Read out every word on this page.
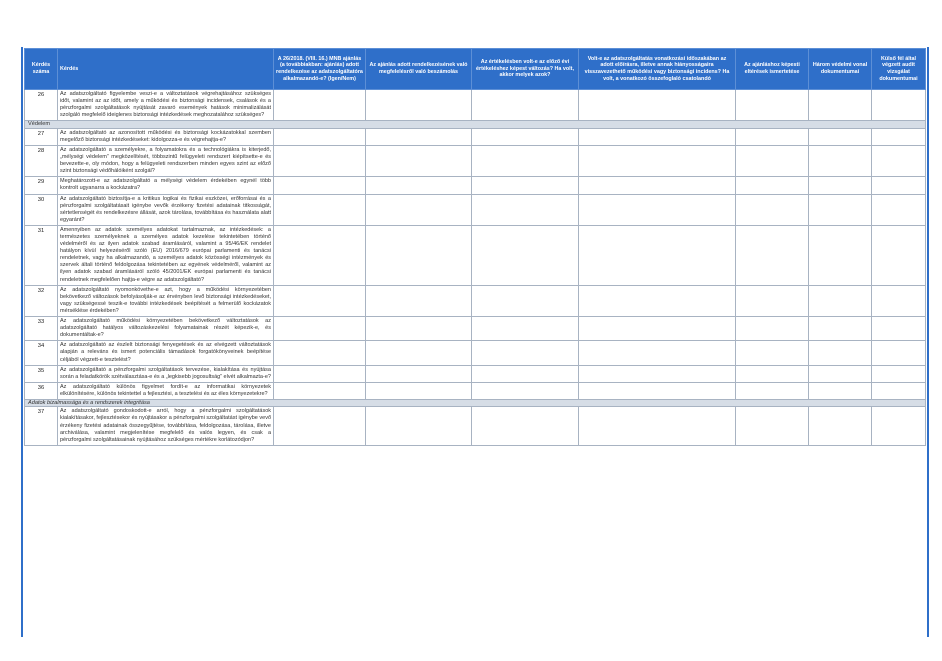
Kérdés száma	Kérdés	A 26/2018. (VIII. 16.) MNB ajánlás (a továbbiakban: ajánlás) adott rendelkezése az adatszolgáltatóra alkalmazandó-e? (Igen/Nem)	Az ajánlás adott rendelkezésének való megfelelésről való beszámolás	Az értékelésben volt-e az előző évi értékeléshez képest változás? Ha volt, akkor melyek azok?	Volt-e az adatszolgáltatás vonatkozási időszakában az adott előírásra, illetve annak hiányosságaira visszavezethető működési vagy biztonsági incidens? Ha volt, a vonatkozó összefoglaló csatolandó	Az ajánláshoz képesti eltérések ismertetése	Három védelmi vonal dokumentumai	Külső fél által végzett audit vizsgálat dokumentumai
26	Az adatszolgáltató figyelembe veszi-e a változtatások végrehajtásához szükséges időt, valamint az az időt, amely a működési és biztonsági incidensek, csalások és a pénzforgalmi szolgáltatások nyújtását zavaró események hatások minimalizálását szolgáló megfelelő ideiglenes biztonsági intézkedések meghozatalához szükséges?							
Védelem								
27	Az adatszolgáltató az azonosított működési és biztonsági kockázatokkal szemben megelőző biztonsági intézkedéseket: kidolgozza-e és végrehajtja-e?							
28	Az adatszolgáltató a személyekre, a folyamatokra és a technológiákra is kiterjedő, „mélységi védelem” megközelítését, többszintű felügyeleti rendszert kiépítsette-e és bevezette-e, oly módon, hogy a felügyeleti rendszerben minden egyes szint az előző szint biztonsági védőhálóiként szolgál?							
29	Meghatározott-e az adatszolgáltató a mélységi védelem érdekében egynél több kontrolt ugyanarra a kockázatra?							
30	Az adatszolgáltató biztosítja-e a kritikus logikai és fizikai eszközei, erőforrásai és a pénzforgalmi szolgáltatásait igénybe vevők érzékeny fizetési adatainak titkosságát, sértetlenségét és rendelkezésre állását, azok tárolása, továbbítása és használata alatt egyaránt?							
31	Amennyiben az adatok személyes adatokat tartalmaznak, az intézkedések: a természetes személyeknek a személyes adatok kezelése tekintetében történő védelméről és az ilyen adatok szabad áramlásáról, valamint a 95/46/EK rendelet hatályon kívül helyezéséről szóló (EU) 2016/679 európai parlamenti és tanácsi rendeletnek, vagy ha alkalmazandó, a személyes adatok közösségi intézmények és szervek általi történő feldolgozása tekintetében az egyének védelméről, valamint az ilyen adatok szabad áramlásáról szóló 45/2001/EK európai parlamenti és tanácsi rendeletnek megfelelően hajtja-e végre az adatszolgáltató?							
32	Az adatszolgáltató nyomonkövethe-e azt, hogy a működési környezetében bekövetkező változások befolyásolják-e az érvényben levő biztonsági intézkedéseket, vagy szükségessé teszik-e további intézkedések beépítését a felmerülő kockázatok mérséklése érdekében?							
33	Az adatszolgáltató működési környezetében bekövetkező változtatások az adatszolgáltató hatályos változáskezelési folyamatainak részét képezik-e, és dokumentáltak-e?							
34	Az adatszolgáltató az észlelt biztonsági fenyegetések és az elvégzett változtatások alapján a releváns és ismert potenciális támadások forgatókönyveinek beépítése céljából végzett-e tesztelést?							
35	Az adatszolgáltató a pénzforgalmi szolgáltatások tervezése, kialakítása és nyújtása során a feladatkörök szétválasztása-e és a „legkisebb jogosultság” elvét alkalmazta-e?							
36	Az adatszolgáltató különös figyelmet fordít-e az informatikai környezetek elkülönítésére, különös tekintettel a fejlesztési, a tesztelési és az éles környezetekre?							
Adatok bizalmassága és a rendszerek integritása								
37	Az adatszolgáltató gondoskodott-e arról, hogy a pénzforgalmi szolgáltatások kialakításakor, fejlesztésekor és nyújtásakor a pénzforgalmi szolgáltatást igénybe vevő érzékeny fizetési adatainak összegyűjtése, továbbítása, feldolgozása, tárolása, illetve archiválása, valamint megjelenítése megfelelő és valós legyen, és csak a pénzforgalmi szolgáltatásainak nyújtásához szükséges mértékre korlátozódjon?							
